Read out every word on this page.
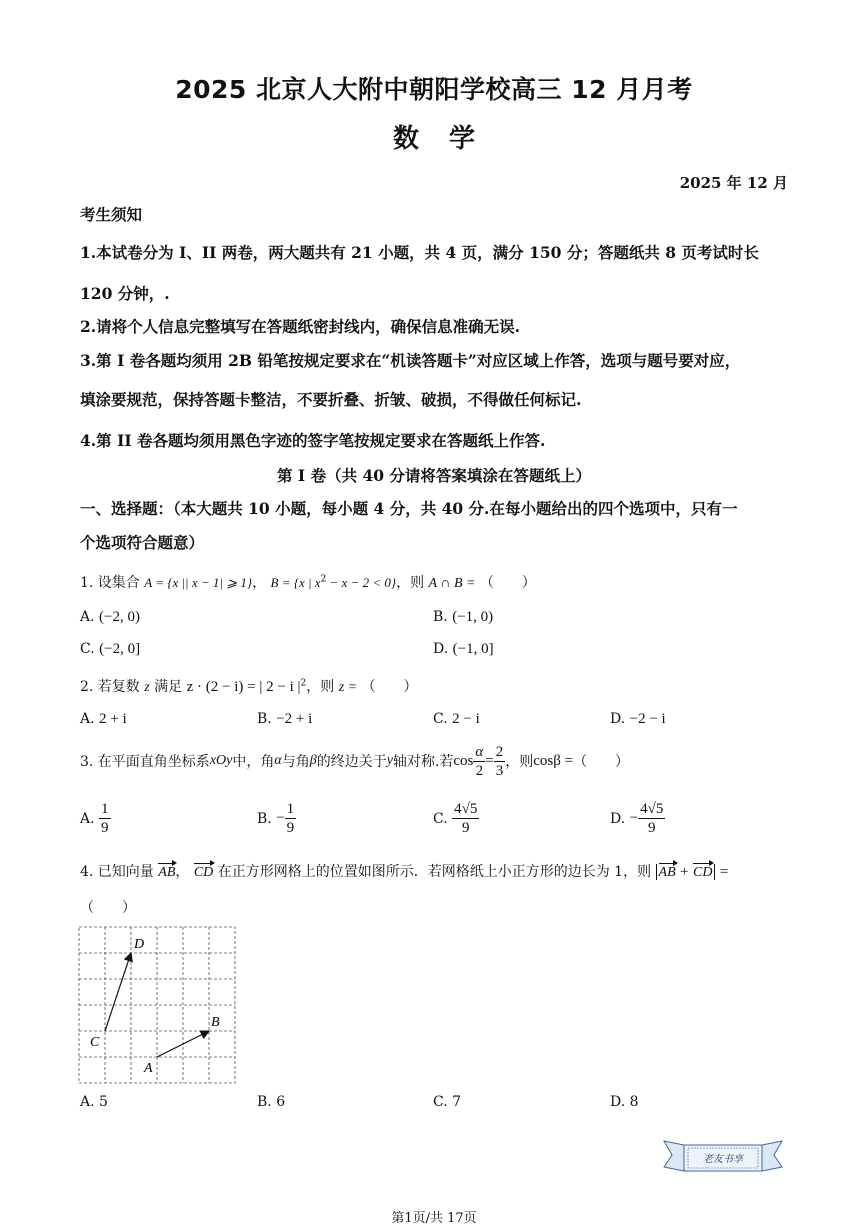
2025 北京人大附中朝阳学校高三 12 月月考
数学
2025 年 12 月
考生须知
1.本试卷分为 I、II 两卷，两大题共有 21 小题，共 4 页，满分 150 分；答题纸共 8 页考试时长
120 分钟，.
2.请将个人信息完整填写在答题纸密封线内，确保信息准确无误.
3.第 I 卷各题均须用 2B 铅笔按规定要求在“机读答题卡”对应区域上作答，选项与题号要对应，
填涂要规范，保持答题卡整洁，不要折叠、折皱、破损，不得做任何标记.
4.第 II 卷各题均须用黑色字迹的签字笔按规定要求在答题纸上作答.
第 I 卷（共 40 分请将答案填涂在答题纸上）
一、选择题：（本大题共 10 小题，每小题 4 分，共 40 分.在每小题给出的四个选项中，只有一
个选项符合题意）
1. 设集合 A = {x || x − 1| ⩾ 1}， B = {x | $x^2 - x - 2 < 0$}，则 A ∩ B = （　　）
A. (−2, 0)	B. (−1, 0)
C. (−2, 0]	D. (−1, 0]
2. 若复数 z 满足 z · (2 − i) = | 2 − i $|^2$，则 z = （　　）
A. 2 + i	B. −2 + i	C. 2 − i	D. −2 − i
3. 在平面直角坐标系 xOy 中，角 α 与角 β 的终边关于 y 轴对称.若 $\cos \frac{\alpha}{2} = \frac{2}{3}$ ，则 cosβ = （　　）
A.
$\frac{1}{9}$	B.
− $\frac{1}{9}$	C.
$\frac{4√5}{9}$	D.
− $\frac{4√5}{9}$
4. 已知向量 AB， CD 在正方形网格上的位置如图所示．若网格纸上小正方形的边长为 1，则 AB + CD =
（　　）
D
C
A
B
A. 5	B. 6	C. 7	D. 8
老友书享
第1页/共 17页
